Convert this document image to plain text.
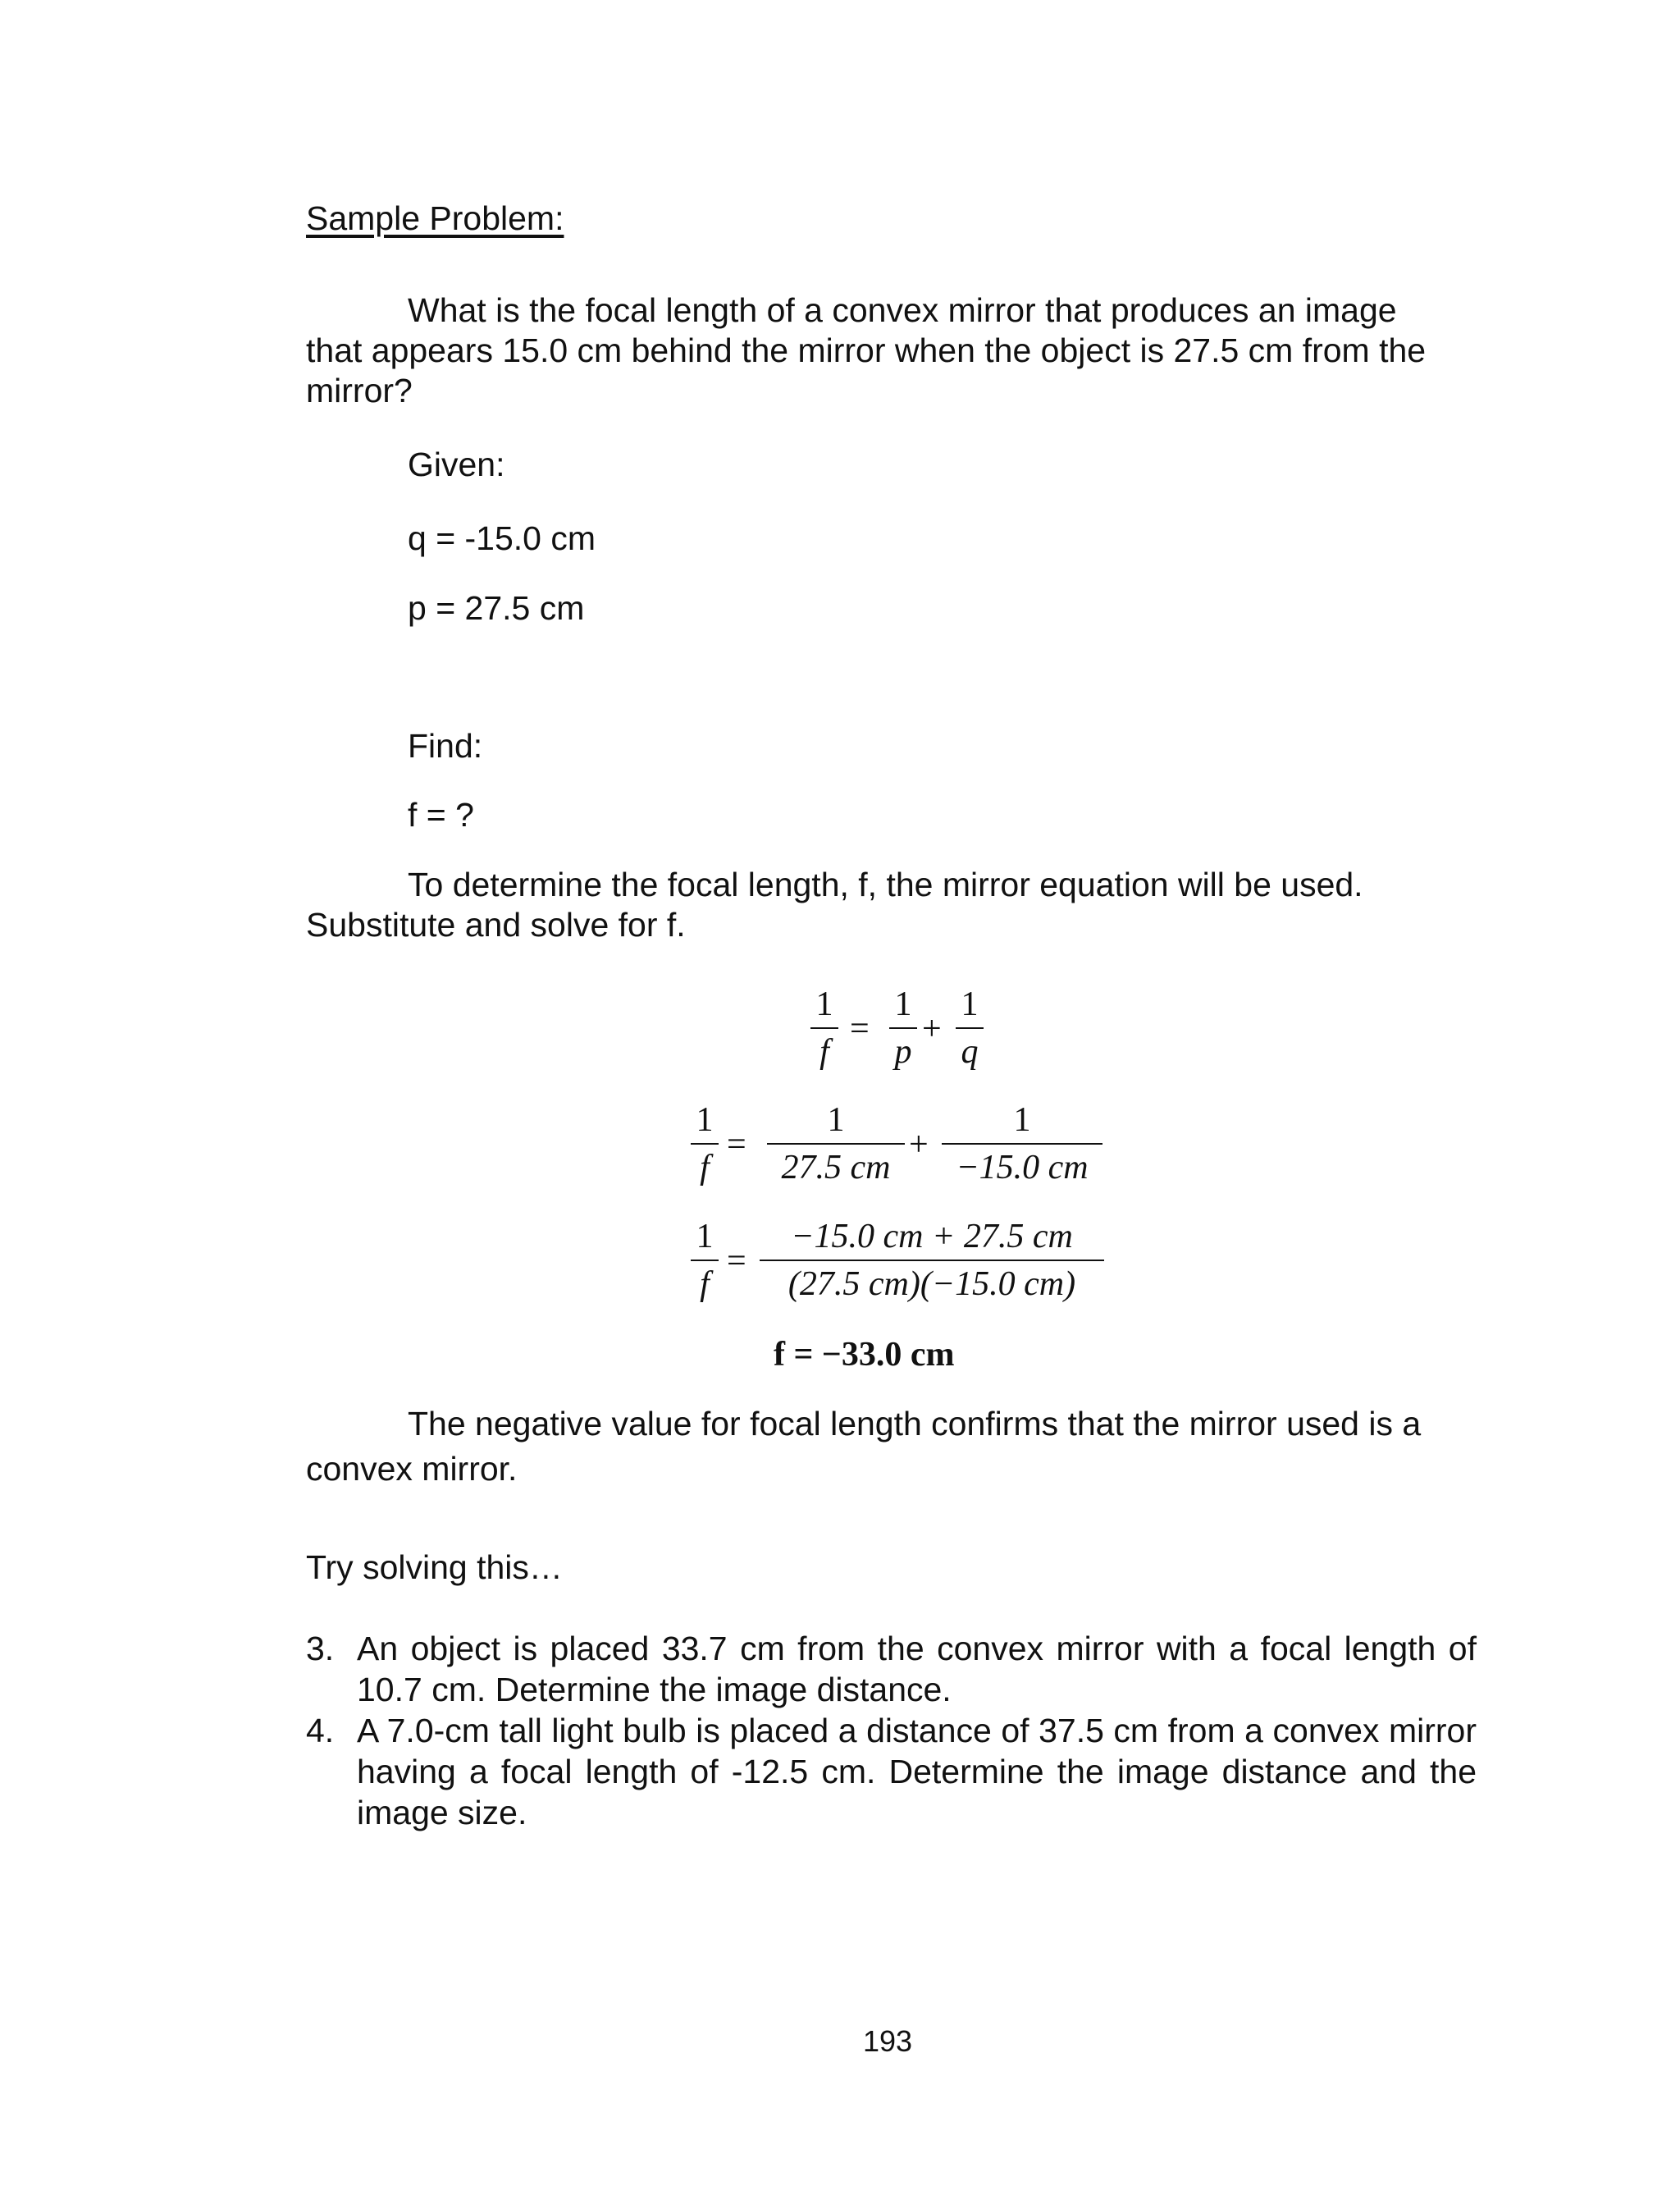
Sample Problem:
What is the focal length of a convex mirror that produces an image
that appears 15.0 cm behind the mirror when the object is 27.5 cm from the
mirror?
Given:
q = -15.0 cm
p = 27.5 cm
Find:
f = ?
To determine the focal length, f, the mirror equation will be used.
Substitute and solve for f.
1
f
=
1
p
+
1
q
1
f
=
1
27.5 cm
+
1
−15.0 cm
1
f
=
−15.0 cm + 27.5 cm
(27.5 cm)(−15.0 cm)
f = −33.0 cm
The negative value for focal length confirms that the mirror used is a
convex mirror.
Try solving this…
3. An object is placed 33.7 cm from the convex mirror with a focal length of 10.7 cm. Determine the image distance.
4. A 7.0-cm tall light bulb is placed a distance of 37.5 cm from a convex mirror having a focal length of -12.5 cm. Determine the image distance and the image size.
193
